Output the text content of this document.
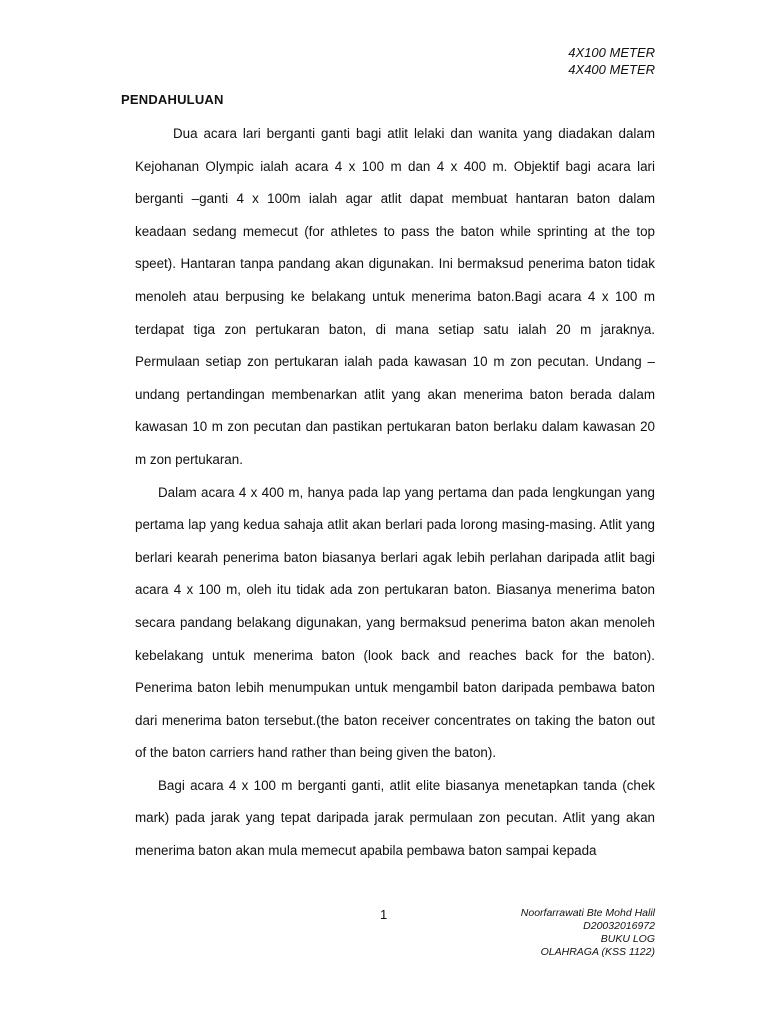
4X100 METER
4X400 METER
PENDAHULUAN

Dua acara lari berganti ganti bagi atlit lelaki dan wanita yang diadakan dalam Kejohanan Olympic ialah acara 4 x 100 m dan 4 x 400 m. Objektif bagi acara lari berganti –ganti 4 x 100m ialah agar atlit dapat membuat hantaran baton dalam keadaan sedang memecut (for athletes to pass the baton while sprinting at the top speet). Hantaran tanpa pandang akan digunakan. Ini bermaksud penerima baton tidak menoleh atau berpusing ke belakang untuk menerima baton.Bagi acara 4 x 100 m terdapat tiga zon pertukaran baton, di mana setiap satu ialah 20 m jaraknya. Permulaan setiap zon pertukaran ialah pada kawasan 10 m zon pecutan. Undang – undang pertandingan membenarkan atlit yang akan menerima baton berada dalam kawasan 10 m zon pecutan dan pastikan pertukaran baton berlaku dalam kawasan 20 m zon pertukaran.

Dalam acara 4 x 400 m, hanya pada lap yang pertama dan pada lengkungan yang pertama lap yang kedua sahaja atlit akan berlari pada lorong masing-masing. Atlit yang berlari kearah penerima baton biasanya berlari agak lebih perlahan daripada atlit bagi acara 4 x 100 m, oleh itu tidak ada zon pertukaran baton. Biasanya menerima baton secara pandang belakang digunakan, yang bermaksud penerima baton akan menoleh kebelakang untuk menerima baton (look back and reaches back for the baton). Penerima baton lebih menumpukan untuk mengambil baton daripada pembawa baton dari menerima baton tersebut.(the baton receiver concentrates on taking the baton out of the baton carriers hand rather than being given the baton).

Bagi acara 4 x 100 m berganti ganti, atlit elite biasanya menetapkan tanda (chek mark) pada jarak yang tepat daripada jarak permulaan zon pecutan. Atlit yang akan menerima baton akan mula memecut apabila pembawa baton sampai kepada

1	Noorfarrawati Bte Mohd Halil
D20032016972
BUKU LOG
OLAHRAGA (KSS 1122)
